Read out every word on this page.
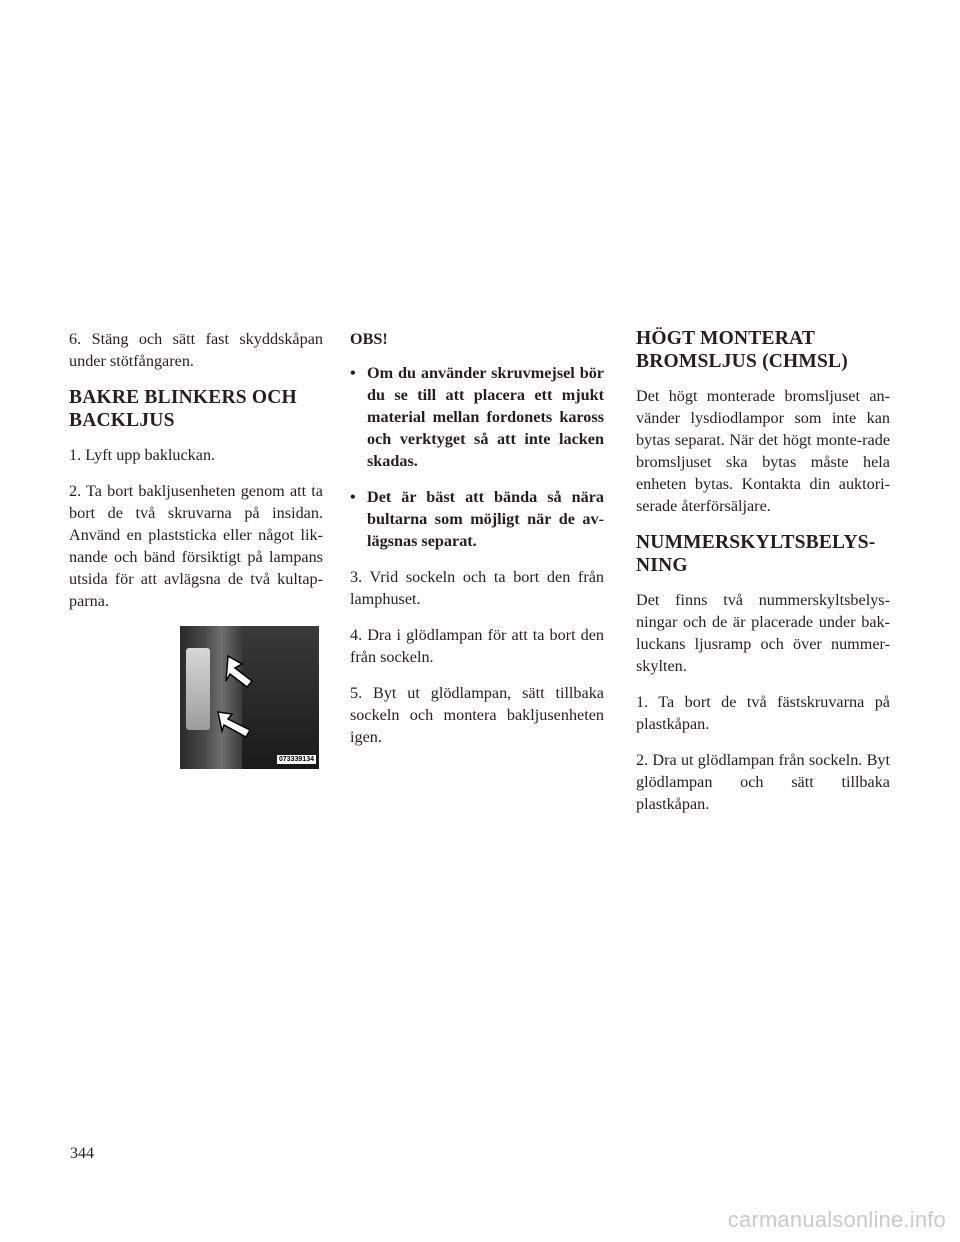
6. Stäng och sätt fast skyddskåpan under stötfångaren.

BAKRE BLINKERS OCH BACKLJUS

1. Lyft upp bakluckan.

2. Ta bort bakljusenheten genom att ta bort de två skruvarna på insidan. Använd en plaststicka eller något lik-nande och bänd försiktigt på lampans utsida för att avlägsna de två kultap-parna.

073339134

OBS!

• Om du använder skruvmejsel bör du se till att placera ett mjukt material mellan fordonets kaross och verktyget så att inte lacken skadas.
• Det är bäst att bända så nära bultarna som möjligt när de av-lägsnas separat.

3. Vrid sockeln och ta bort den från lamphuset.

4. Dra i glödlampan för att ta bort den från sockeln.

5. Byt ut glödlampan, sätt tillbaka sockeln och montera bakljusenheten igen.

HÖGT MONTERAT BROMSLJUS (CHMSL)

Det högt monterade bromsljuset an-vänder lysdiodlampor som inte kan bytas separat. När det högt monte-rade bromsljuset ska bytas måste hela enheten bytas. Kontakta din auktori-serade återförsäljare.

NUMMERSKYLTSBELYS-NING

Det finns två nummerskyltsbelys-ningar och de är placerade under bak-luckans ljusramp och över nummer-skylten.

1. Ta bort de två fästskruvarna på plastkåpan.

2. Dra ut glödlampan från sockeln. Byt glödlampan och sätt tillbaka plastkåpan.

344
carmanualsonline.info
